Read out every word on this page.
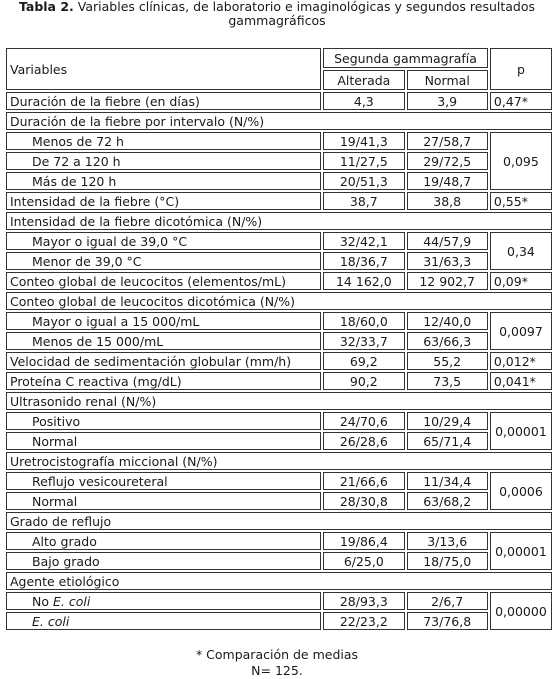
Tabla 2. Variables clínicas, de laboratorio e imaginológicas y segundos resultados
gammagráficos
Variables	Segunda gammagrafía		p
	Alterada	Normal	
Duración de la fiebre (en días)	4,3	3,9	0,47*
Duración de la fiebre por intervalo (N/%)			
Menos de 72 h	19/41,3	27/58,7	0,095
De 72 a 120 h	11/27,5	29/72,5	
Más de 120 h	20/51,3	19/48,7	
Intensidad de la fiebre (°C)	38,7	38,8	0,55*
Intensidad de la fiebre dicotómica (N/%)			
Mayor o igual de 39,0 °C	32/42,1	44/57,9	0,34
Menor de 39,0 °C	18/36,7	31/63,3	
Conteo global de leucocitos (elementos/mL)	14 162,0	12 902,7	0,09*
Conteo global de leucocitos dicotómica (N/%)			
Mayor o igual a 15 000/mL	18/60,0	12/40,0	0,0097
Menos de 15 000/mL	32/33,7	63/66,3	
Velocidad de sedimentación globular (mm/h)	69,2	55,2	0,012*
Proteína C reactiva (mg/dL)	90,2	73,5	0,041*
Ultrasonido renal (N/%)			
Positivo	24/70,6	10/29,4	0,00001
Normal	26/28,6	65/71,4	
Uretrocistografía miccional (N/%)			
Reflujo vesicoureteral	21/66,6	11/34,4	0,0006
Normal	28/30,8	63/68,2	
Grado de reflujo			
Alto grado	19/86,4	3/13,6	0,00001
Bajo grado	6/25,0	18/75,0	
Agente etiológico			
No E. coli	28/93,3	2/6,7	0,00000
E. coli	22/23,2	73/76,8	
* Comparación de medias
N= 125.
